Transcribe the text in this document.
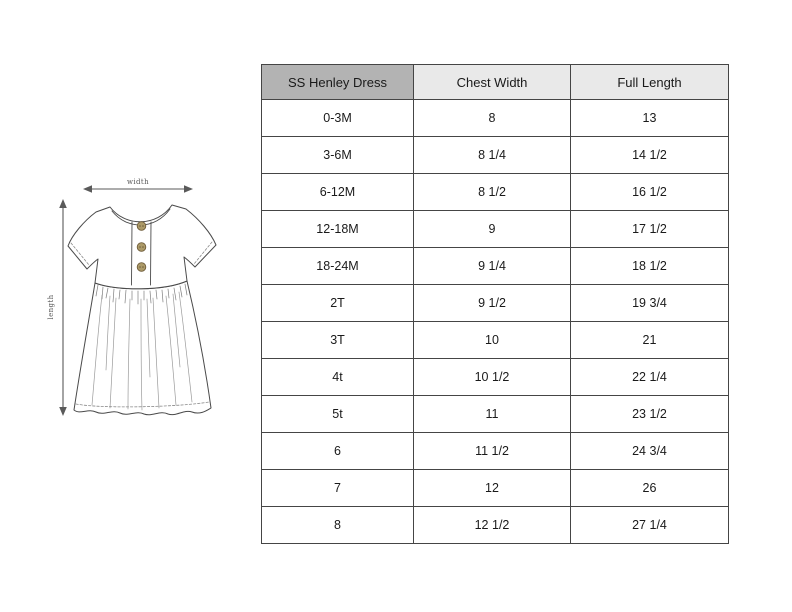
width
length
SS Henley Dress	Chest Width	Full Length
0-3M	8	13
3-6M	8 1/4	14 1/2
6-12M	8 1/2	16 1/2
12-18M	9	17 1/2
18-24M	9 1/4	18 1/2
2T	9 1/2	19 3/4
3T	10	21
4t	10 1/2	22 1/4
5t	11	23 1/2
6	11 1/2	24 3/4
7	12	26
8	12 1/2	27 1/4
